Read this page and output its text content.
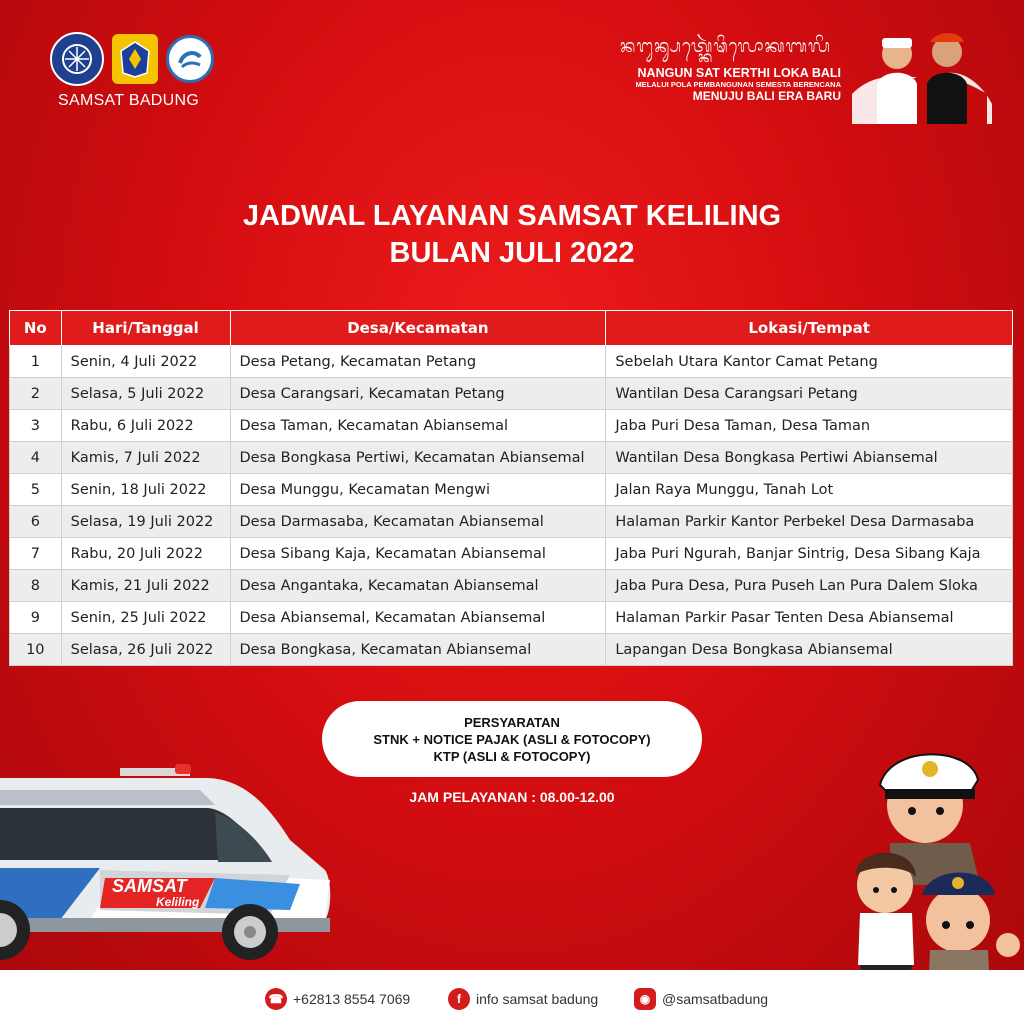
SAMSAT BADUNG
ᬦᬗᬸᬦ᭄ᬲᬢ᭄ᬓᬾᬃᬣᬶᬮᭀᬓᬩᬮᬶ
NANGUN SAT KERTHI LOKA BALI
MELALUI POLA PEMBANGUNAN SEMESTA BERENCANA
MENUJU BALI ERA BARU
JADWAL LAYANAN SAMSAT KELILING
BULAN JULI 2022
No	Hari/Tanggal	Desa/Kecamatan	Lokasi/Tempat
1	Senin, 4 Juli 2022	Desa Petang, Kecamatan Petang	Sebelah Utara Kantor Camat Petang
2	Selasa, 5 Juli 2022	Desa Carangsari, Kecamatan Petang	Wantilan Desa Carangsari Petang
3	Rabu, 6 Juli 2022	Desa Taman, Kecamatan Abiansemal	Jaba Puri Desa Taman, Desa Taman
4	Kamis, 7 Juli 2022	Desa Bongkasa Pertiwi, Kecamatan Abiansemal	Wantilan Desa Bongkasa Pertiwi Abiansemal
5	Senin, 18 Juli 2022	Desa Munggu, Kecamatan Mengwi	Jalan Raya Munggu, Tanah Lot
6	Selasa, 19 Juli 2022	Desa Darmasaba, Kecamatan Abiansemal	Halaman Parkir Kantor Perbekel Desa Darmasaba
7	Rabu, 20 Juli 2022	Desa Sibang Kaja, Kecamatan Abiansemal	Jaba Puri Ngurah, Banjar Sintrig, Desa Sibang Kaja
8	Kamis, 21 Juli 2022	Desa Angantaka, Kecamatan Abiansemal	Jaba Pura Desa, Pura Puseh Lan Pura Dalem Sloka
9	Senin, 25 Juli 2022	Desa Abiansemal, Kecamatan Abiansemal	Halaman Parkir Pasar Tenten Desa Abiansemal
10	Selasa, 26 Juli 2022	Desa Bongkasa, Kecamatan Abiansemal	Lapangan Desa Bongkasa Abiansemal
PERSYARATAN
STNK + NOTICE PAJAK (ASLI & FOTOCOPY)
KTP (ASLI & FOTOCOPY)
JAM PELAYANAN : 08.00-12.00
SAMSAT
Keliling
☎ +62813 8554 7069	f	info samsat badung	◉ @samsatbadung
